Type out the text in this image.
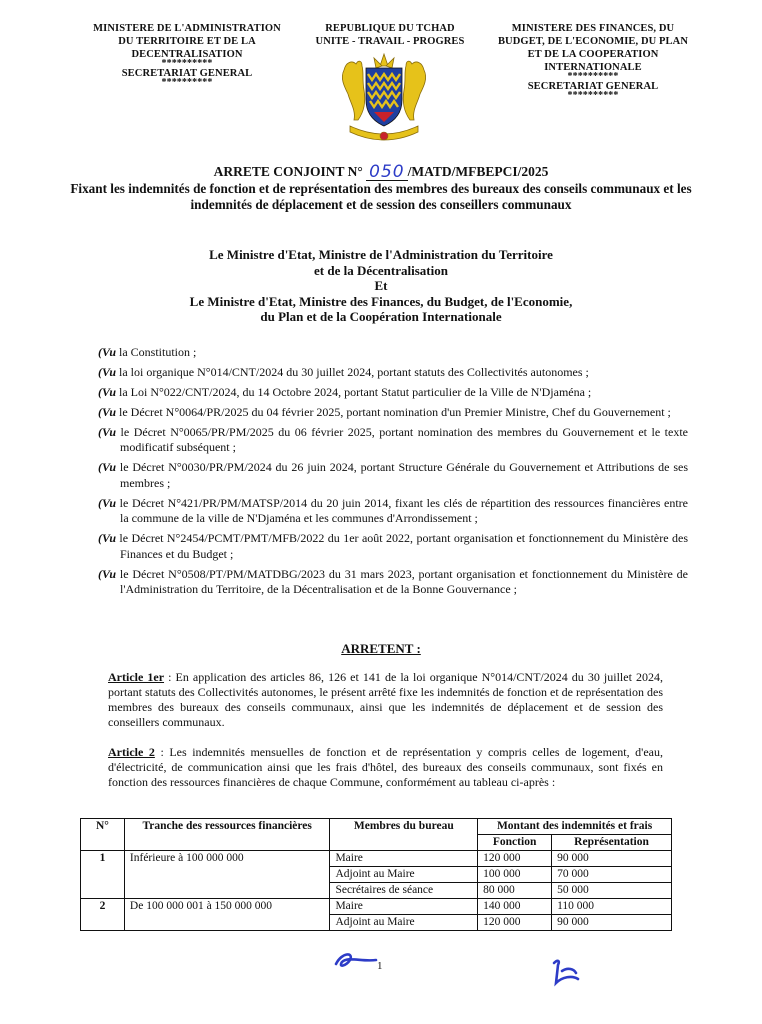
MINISTERE DE L'ADMINISTRATION
DU TERRITOIRE ET DE LA
DECENTRALISATION
**********
SECRETARIAT GENERAL
**********
REPUBLIQUE DU TCHAD
UNITE - TRAVAIL - PROGRES
MINISTERE DES FINANCES, DU
BUDGET, DE L'ECONOMIE, DU PLAN
ET DE LA COOPERATION
INTERNATIONALE
**********
SECRETARIAT GENERAL
**********
ARRETE CONJOINT N° 050 /MATD/MFBEPCI/2025
Fixant les indemnités de fonction et de représentation des membres des bureaux des conseils communaux et les indemnités de déplacement et de session des conseillers communaux
Le Ministre d'Etat, Ministre de l'Administration du Territoire
et de la Décentralisation
Et
Le Ministre d'Etat, Ministre des Finances, du Budget, de l'Economie,
du Plan et de la Coopération Internationale
(Vu la Constitution ;
(Vu la loi organique N°014/CNT/2024 du 30 juillet 2024, portant statuts des Collectivités autonomes ;
(Vu la Loi N°022/CNT/2024, du 14 Octobre 2024, portant Statut particulier de la Ville de N'Djaména ;
(Vu le Décret N°0064/PR/2025 du 04 février 2025, portant nomination d'un Premier Ministre, Chef du Gouvernement ;
(Vu le Décret N°0065/PR/PM/2025 du 06 février 2025, portant nomination des membres du Gouvernement et le texte modificatif subséquent ;
(Vu le Décret N°0030/PR/PM/2024 du 26 juin 2024, portant Structure Générale du Gouvernement et Attributions de ses membres ;
(Vu le Décret N°421/PR/PM/MATSP/2014 du 20 juin 2014, fixant les clés de répartition des ressources financières entre la commune de la ville de N'Djaména et les communes d'Arrondissement ;
(Vu le Décret N°2454/PCMT/PMT/MFB/2022 du 1er août 2022, portant organisation et fonctionnement du Ministère des Finances et du Budget ;
(Vu le Décret N°0508/PT/PM/MATDBG/2023 du 31 mars 2023, portant organisation et fonctionnement du Ministère de l'Administration du Territoire, de la Décentralisation et de la Bonne Gouvernance ;
ARRETENT :
Article 1er : En application des articles 86, 126 et 141 de la loi organique N°014/CNT/2024 du 30 juillet 2024, portant statuts des Collectivités autonomes, le présent arrêté fixe les indemnités de fonction et de représentation des membres des bureaux des conseils communaux, ainsi que les indemnités de déplacement et de session des conseillers communaux.
Article 2 : Les indemnités mensuelles de fonction et de représentation y compris celles de logement, d'eau, d'électricité, de communication ainsi que les frais d'hôtel, des bureaux des conseils communaux, sont fixés en fonction des ressources financières de chaque Commune, conformément au tableau ci-après :
N°	Tranche des ressources financières	Membres du bureau	Montant des indemnités et frais	
			Fonction	Représentation
1	Inférieure à 100 000 000	Maire	120 000	90 000
		Adjoint au Maire	100 000	70 000
		Secrétaires de séance	80 000	50 000
2	De 100 000 001 à 150 000 000	Maire	140 000	110 000
		Adjoint au Maire	120 000	90 000
1
